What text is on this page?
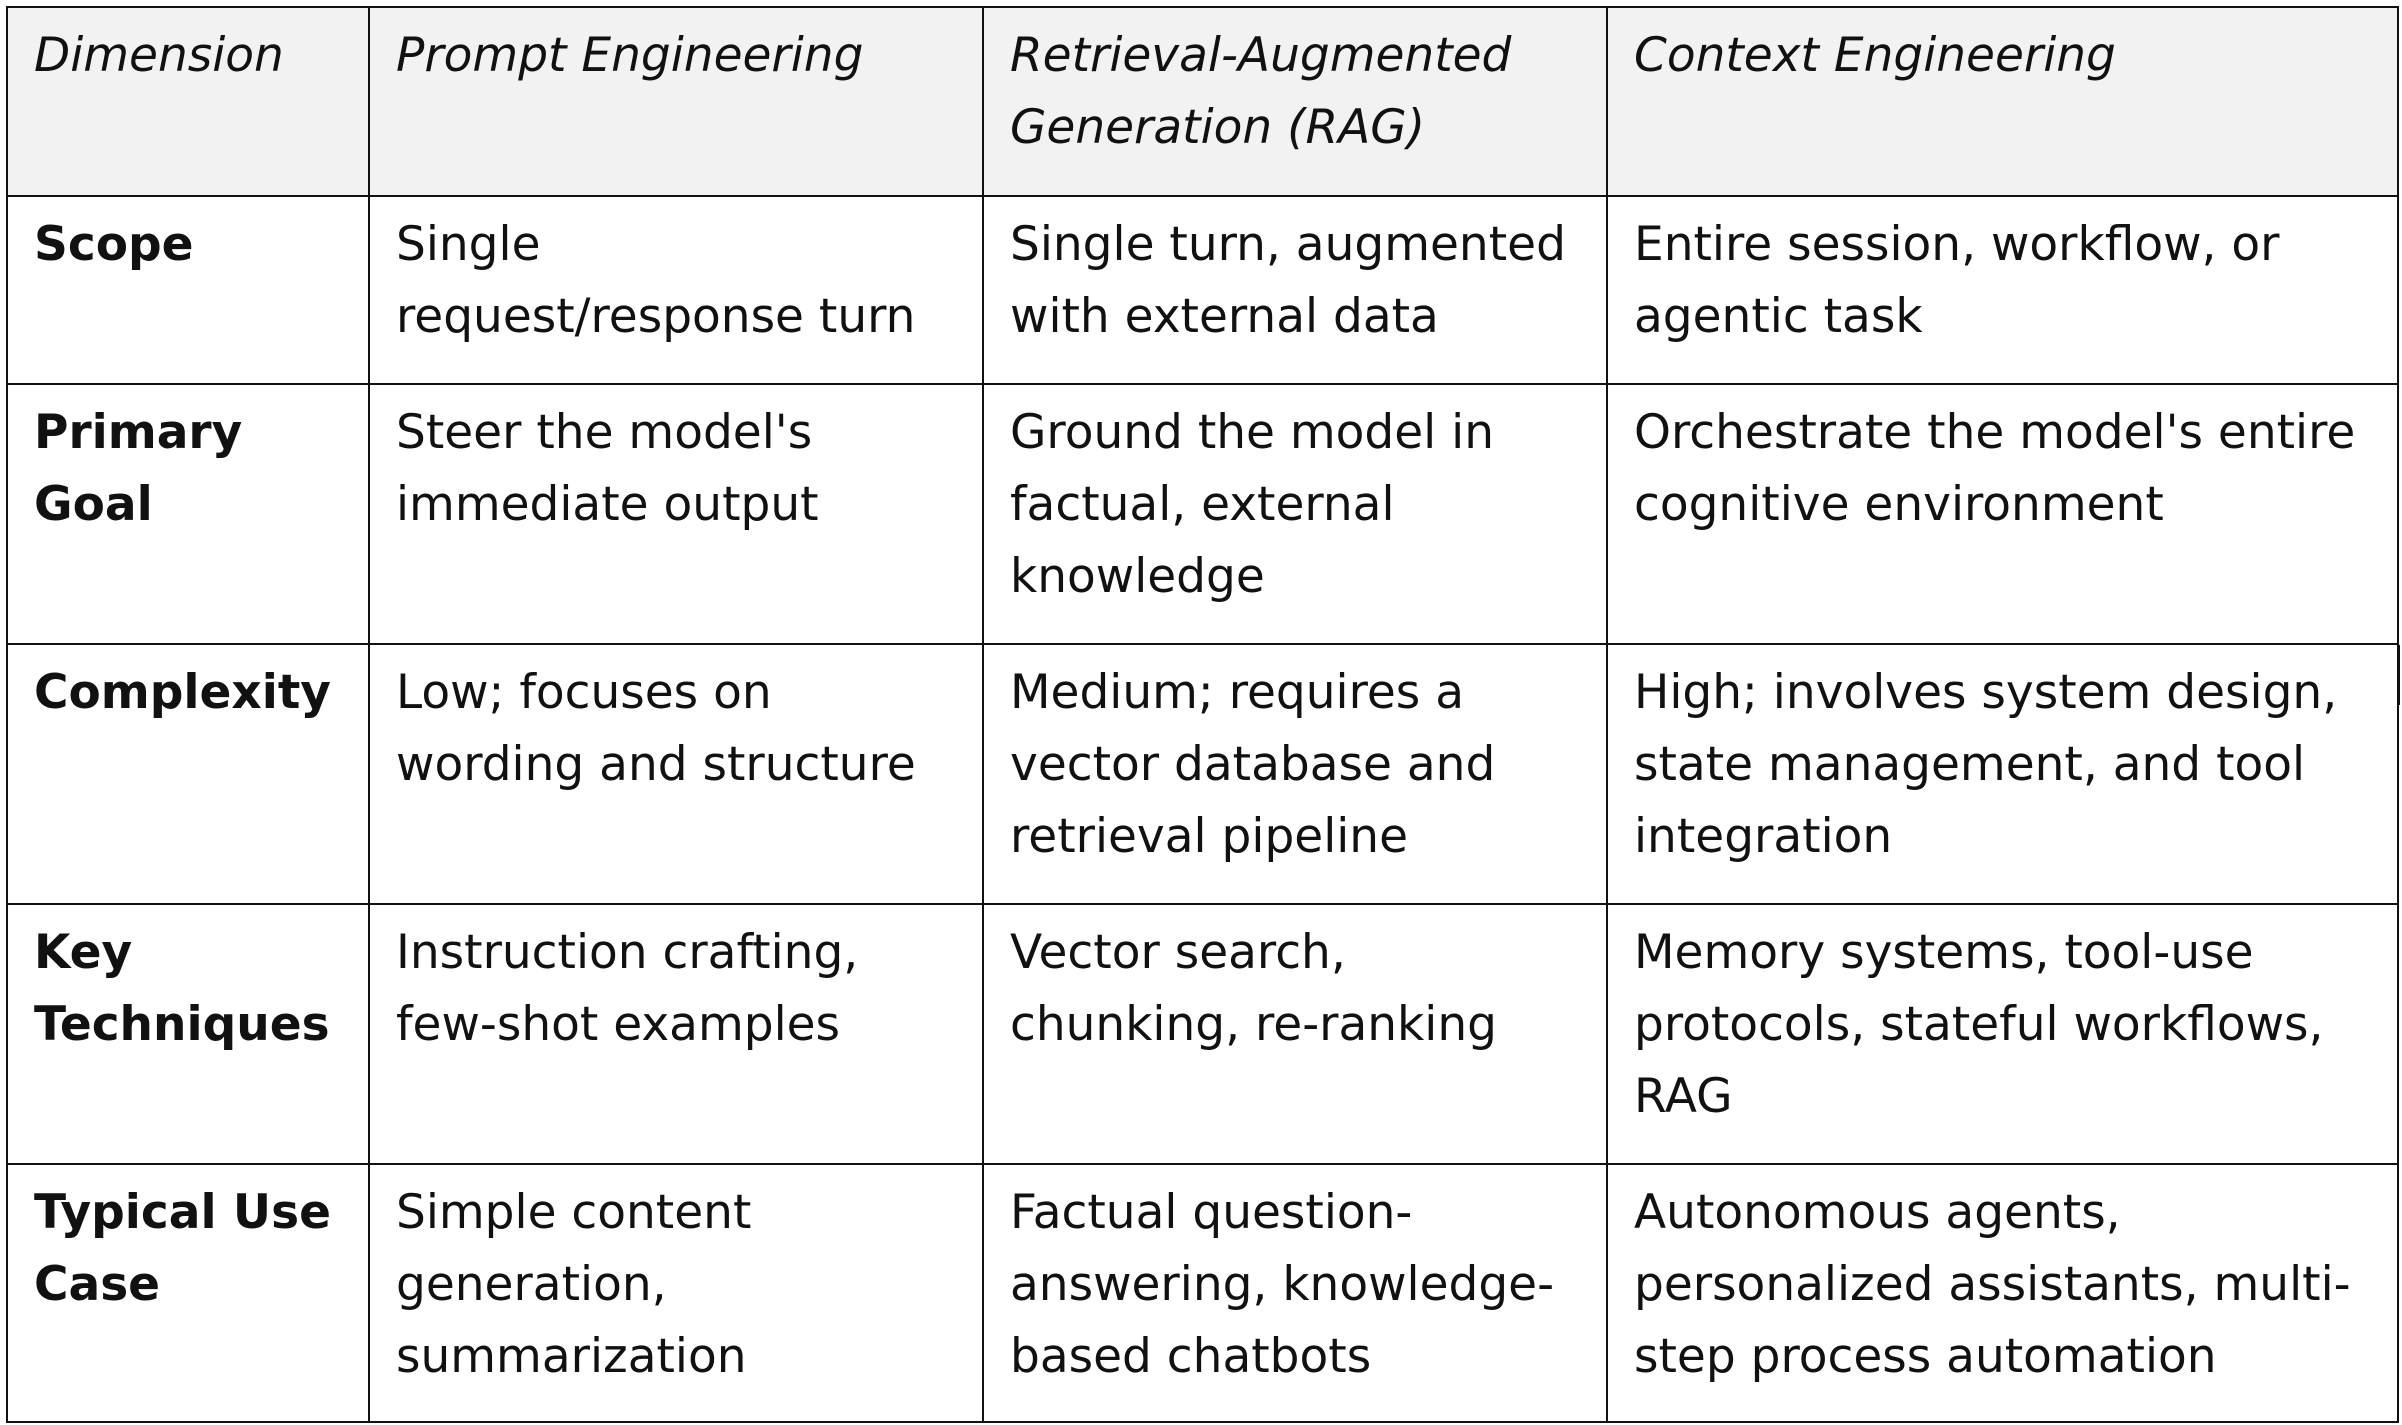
Dimension	Prompt Engineering	Retrieval-Augmented Generation (RAG)	Context Engineering
Scope	Single request/response turn	Single turn, augmented with external data	Entire session, workflow, or agentic task
Primary Goal	Steer the model's immediate output	Ground the model in factual, external knowledge	Orchestrate the model's entire cognitive environment
Complexity	Low; focuses on wording and structure	Medium; requires a vector database and retrieval pipeline	High; involves system design, state management, and tool integration
Key Techniques	Instruction crafting, few-shot examples	Vector search, chunking, re-ranking	Memory systems, tool-use protocols, stateful workflows, RAG
Typical Use Case	Simple content generation, summarization	Factual question-answering, knowledge-based chatbots	Autonomous agents, personalized assistants, multi-step process automation
